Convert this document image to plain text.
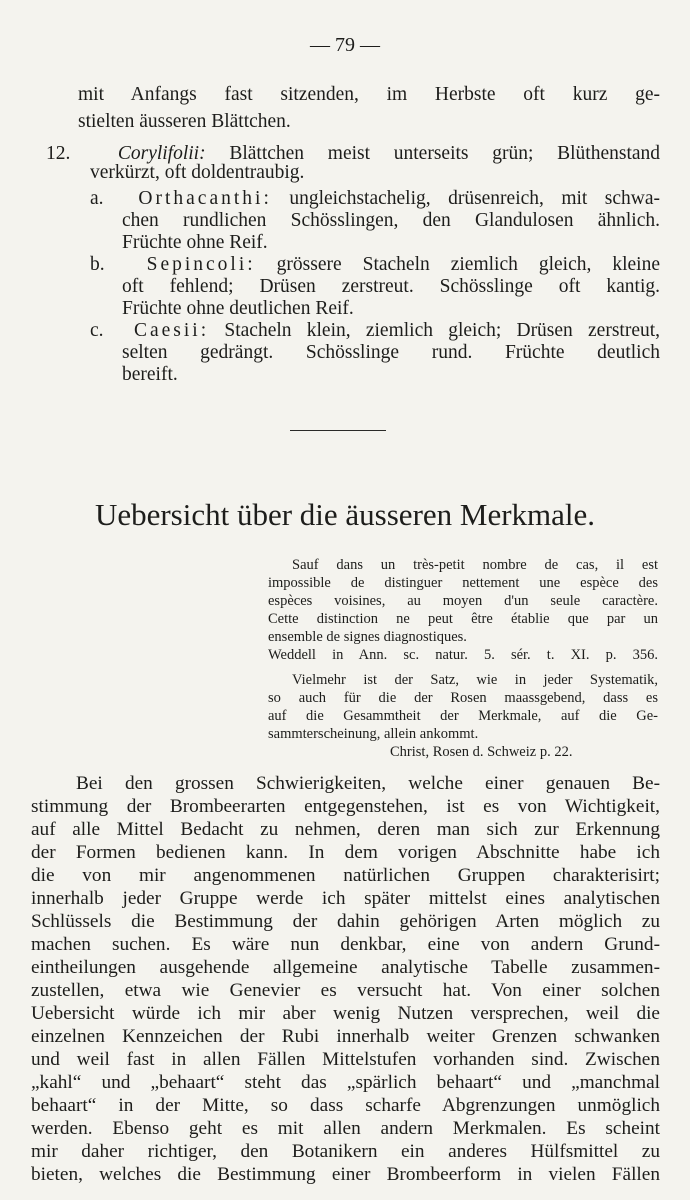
— 79 —
mit Anfangs fast sitzenden, im Herbste oft kurz ge-
stielten äusseren Blättchen.
12. Corylifolii: Blättchen meist unterseits grün; Blüthenstand
verkürzt, oft doldentraubig.
a. Orthacanthi: ungleichstachelig, drüsenreich, mit schwa-
chen rundlichen Schösslingen, den Glandulosen ähnlich.
Früchte ohne Reif.
b. Sepincoli: grössere Stacheln ziemlich gleich, kleine
oft fehlend; Drüsen zerstreut. Schösslinge oft kantig.
Früchte ohne deutlichen Reif.
c. Caesii: Stacheln klein, ziemlich gleich; Drüsen zerstreut,
selten gedrängt. Schösslinge rund. Früchte deutlich
bereift.
Uebersicht über die äusseren Merkmale.
Sauf dans un très-petit nombre de cas, il est
impossible de distinguer nettement une espèce des
espèces voisines, au moyen d'un seule caractère.
Cette distinction ne peut être établie que par un
ensemble de signes diagnostiques.
Weddell in Ann. sc. natur. 5. sér. t. XI. p. 356.
Vielmehr ist der Satz, wie in jeder Systematik,
so auch für die der Rosen maassgebend, dass es
auf die Gesammtheit der Merkmale, auf die Ge-
sammterscheinung, allein ankommt.
Christ, Rosen d. Schweiz p. 22.
Bei den grossen Schwierigkeiten, welche einer genauen Be-
stimmung der Brombeerarten entgegenstehen, ist es von Wichtigkeit,
auf alle Mittel Bedacht zu nehmen, deren man sich zur Erkennung
der Formen bedienen kann. In dem vorigen Abschnitte habe ich
die von mir angenommenen natürlichen Gruppen charakterisirt;
innerhalb jeder Gruppe werde ich später mittelst eines analytischen
Schlüssels die Bestimmung der dahin gehörigen Arten möglich zu
machen suchen. Es wäre nun denkbar, eine von andern Grund-
eintheilungen ausgehende allgemeine analytische Tabelle zusammen-
zustellen, etwa wie Genevier es versucht hat. Von einer solchen
Uebersicht würde ich mir aber wenig Nutzen versprechen, weil die
einzelnen Kennzeichen der Rubi innerhalb weiter Grenzen schwanken
und weil fast in allen Fällen Mittelstufen vorhanden sind. Zwischen
„kahl“ und „behaart“ steht das „spärlich behaart“ und „manchmal
behaart“ in der Mitte, so dass scharfe Abgrenzungen unmöglich
werden. Ebenso geht es mit allen andern Merkmalen. Es scheint
mir daher richtiger, den Botanikern ein anderes Hülfsmittel zu
bieten, welches die Bestimmung einer Brombeerform in vielen Fällen
